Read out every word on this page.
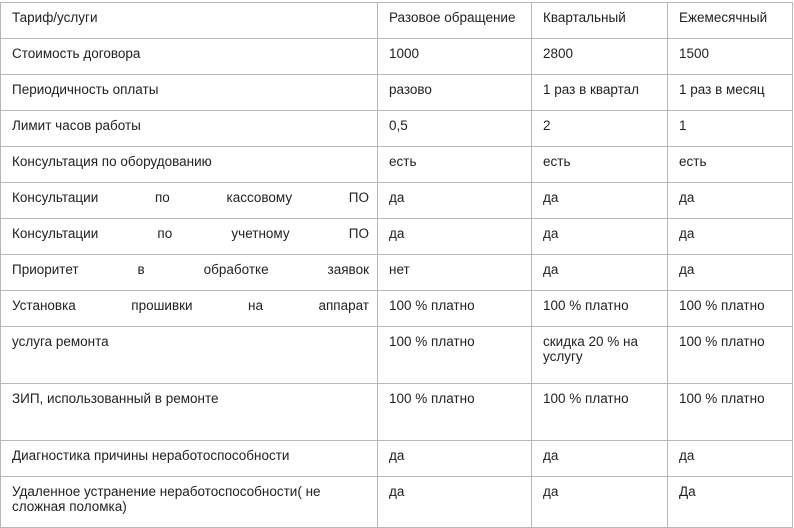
Тариф/услуги	Разовое обращение	Квартальный	Ежемесячный
Стоимость договора	1000	2800	1500
Периодичность оплаты	разово	1 раз в квартал	1 раз в месяц
Лимит часов работы	0,5	2	1
Консультация по оборудованию	есть	есть	есть
Консультации по кассовому ПО	да	да	да
Консультации по учетному ПО	да	да	да
Приоритет в обработке заявок	нет	да	да
Установка прошивки на аппарат	100 % платно	100 % платно	100 % платно
услуга ремонта	100 % платно	скидка 20 % на услугу	100 % платно
ЗИП, использованный в ремонте	100 % платно	100 % платно	100 % платно
Диагностика причины неработоспособности	да	да	да
Удаленное устранение неработоспособности( не сложная поломка)	да	да	Да
